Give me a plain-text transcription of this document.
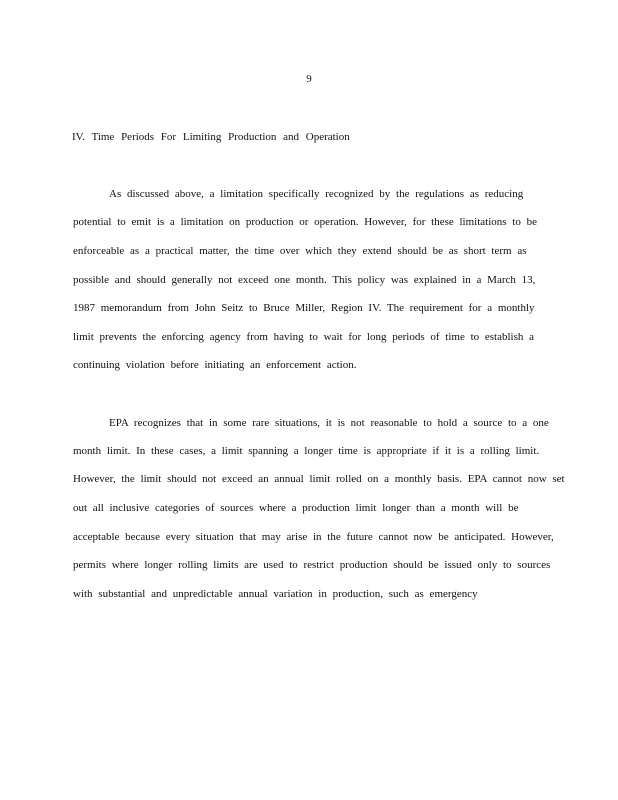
9
IV. Time Periods For Limiting Production and Operation
As discussed above, a limitation specifically recognized by the regulations as reducing
potential to emit is a limitation on production or operation. However, for these limitations to be
enforceable as a practical matter, the time over which they extend should be as short term as
possible and should generally not exceed one month. This policy was explained in a March 13,
1987 memorandum from John Seitz to Bruce Miller, Region IV. The requirement for a monthly
limit prevents the enforcing agency from having to wait for long periods of time to establish a
continuing violation before initiating an enforcement action.
EPA recognizes that in some rare situations, it is not reasonable to hold a source to a one
month limit. In these cases, a limit spanning a longer time is appropriate if it is a rolling limit.
However, the limit should not exceed an annual limit rolled on a monthly basis. EPA cannot now set
out all inclusive categories of sources where a production limit longer than a month will be
acceptable because every situation that may arise in the future cannot now be anticipated. However,
permits where longer rolling limits are used to restrict production should be issued only to sources
with substantial and unpredictable annual variation in production, such as emergency
